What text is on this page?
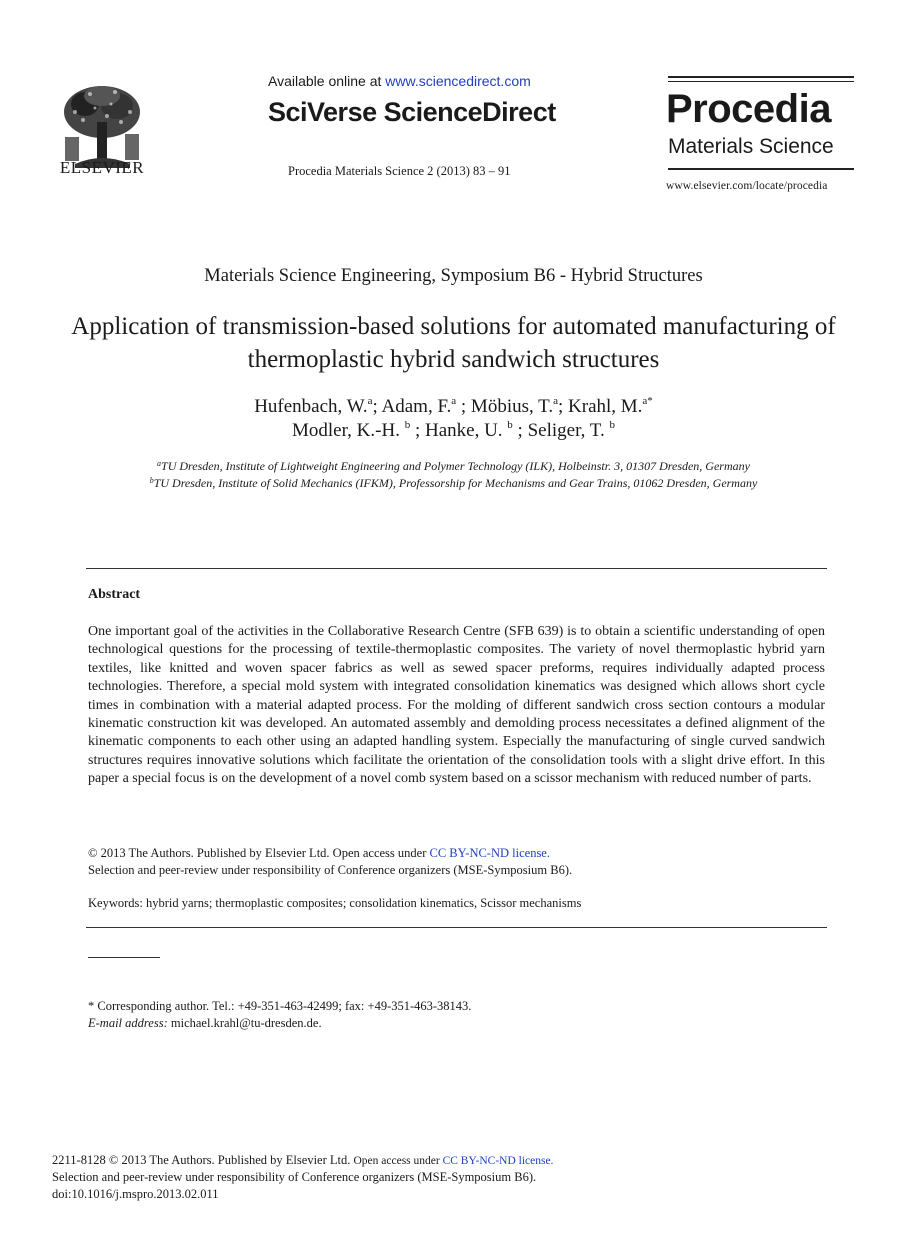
ELSEVIER
Available online at www.sciencedirect.com
SciVerse ScienceDirect
Procedia Materials Science 2 (2013) 83 – 91
Procedia
Materials Science
www.elsevier.com/locate/procedia
Materials Science Engineering, Symposium B6 - Hybrid Structures
Application of transmission-based solutions for automated manufacturing of thermoplastic hybrid sandwich structures
Hufenbach, W.$^a$; Adam, F.$^a$ ; Möbius, T.$^a$; Krahl, M.$^{a*}$
Modler, K.-H. $^b$ ; Hanke, U. $^b$ ; Seliger, T. $^b$
$^a$TU Dresden, Institute of Lightweight Engineering and Polymer Technology (ILK), Holbeinstr. 3, 01307 Dresden, Germany
$^b$TU Dresden, Institute of Solid Mechanics (IFKM), Professorship for Mechanisms and Gear Trains, 01062 Dresden, Germany
Abstract
One important goal of the activities in the Collaborative Research Centre (SFB 639) is to obtain a scientific understanding of open technological questions for the processing of textile-thermoplastic composites. The variety of novel thermoplastic hybrid yarn textiles, like knitted and woven spacer fabrics as well as sewed spacer preforms, requires individually adapted process technologies. Therefore, a special mold system with integrated consolidation kinematics was designed which allows short cycle times in combination with a material adapted process. For the molding of different sandwich cross section contours a modular kinematic construction kit was developed. An automated assembly and demolding process necessitates a defined alignment of the kinematic components to each other using an adapted handling system. Especially the manufacturing of single curved sandwich structures requires innovative solutions which facilitate the orientation of the consolidation tools with a slight drive effort. In this paper a special focus is on the development of a novel comb system based on a scissor mechanism with reduced number of parts.
© 2013 The Authors. Published by Elsevier Ltd. Open access under CC BY-NC-ND license.
Selection and peer-review under responsibility of Conference organizers (MSE-Symposium B6).
Keywords: hybrid yarns; thermoplastic composites; consolidation kinematics, Scissor mechanisms
* Corresponding author. Tel.: +49-351-463-42499; fax: +49-351-463-38143.
E-mail address: michael.krahl@tu-dresden.de.
2211-8128 © 2013 The Authors. Published by Elsevier Ltd. Open access under CC BY-NC-ND license.
Selection and peer-review under responsibility of Conference organizers (MSE-Symposium B6).
doi:10.1016/j.mspro.2013.02.011
